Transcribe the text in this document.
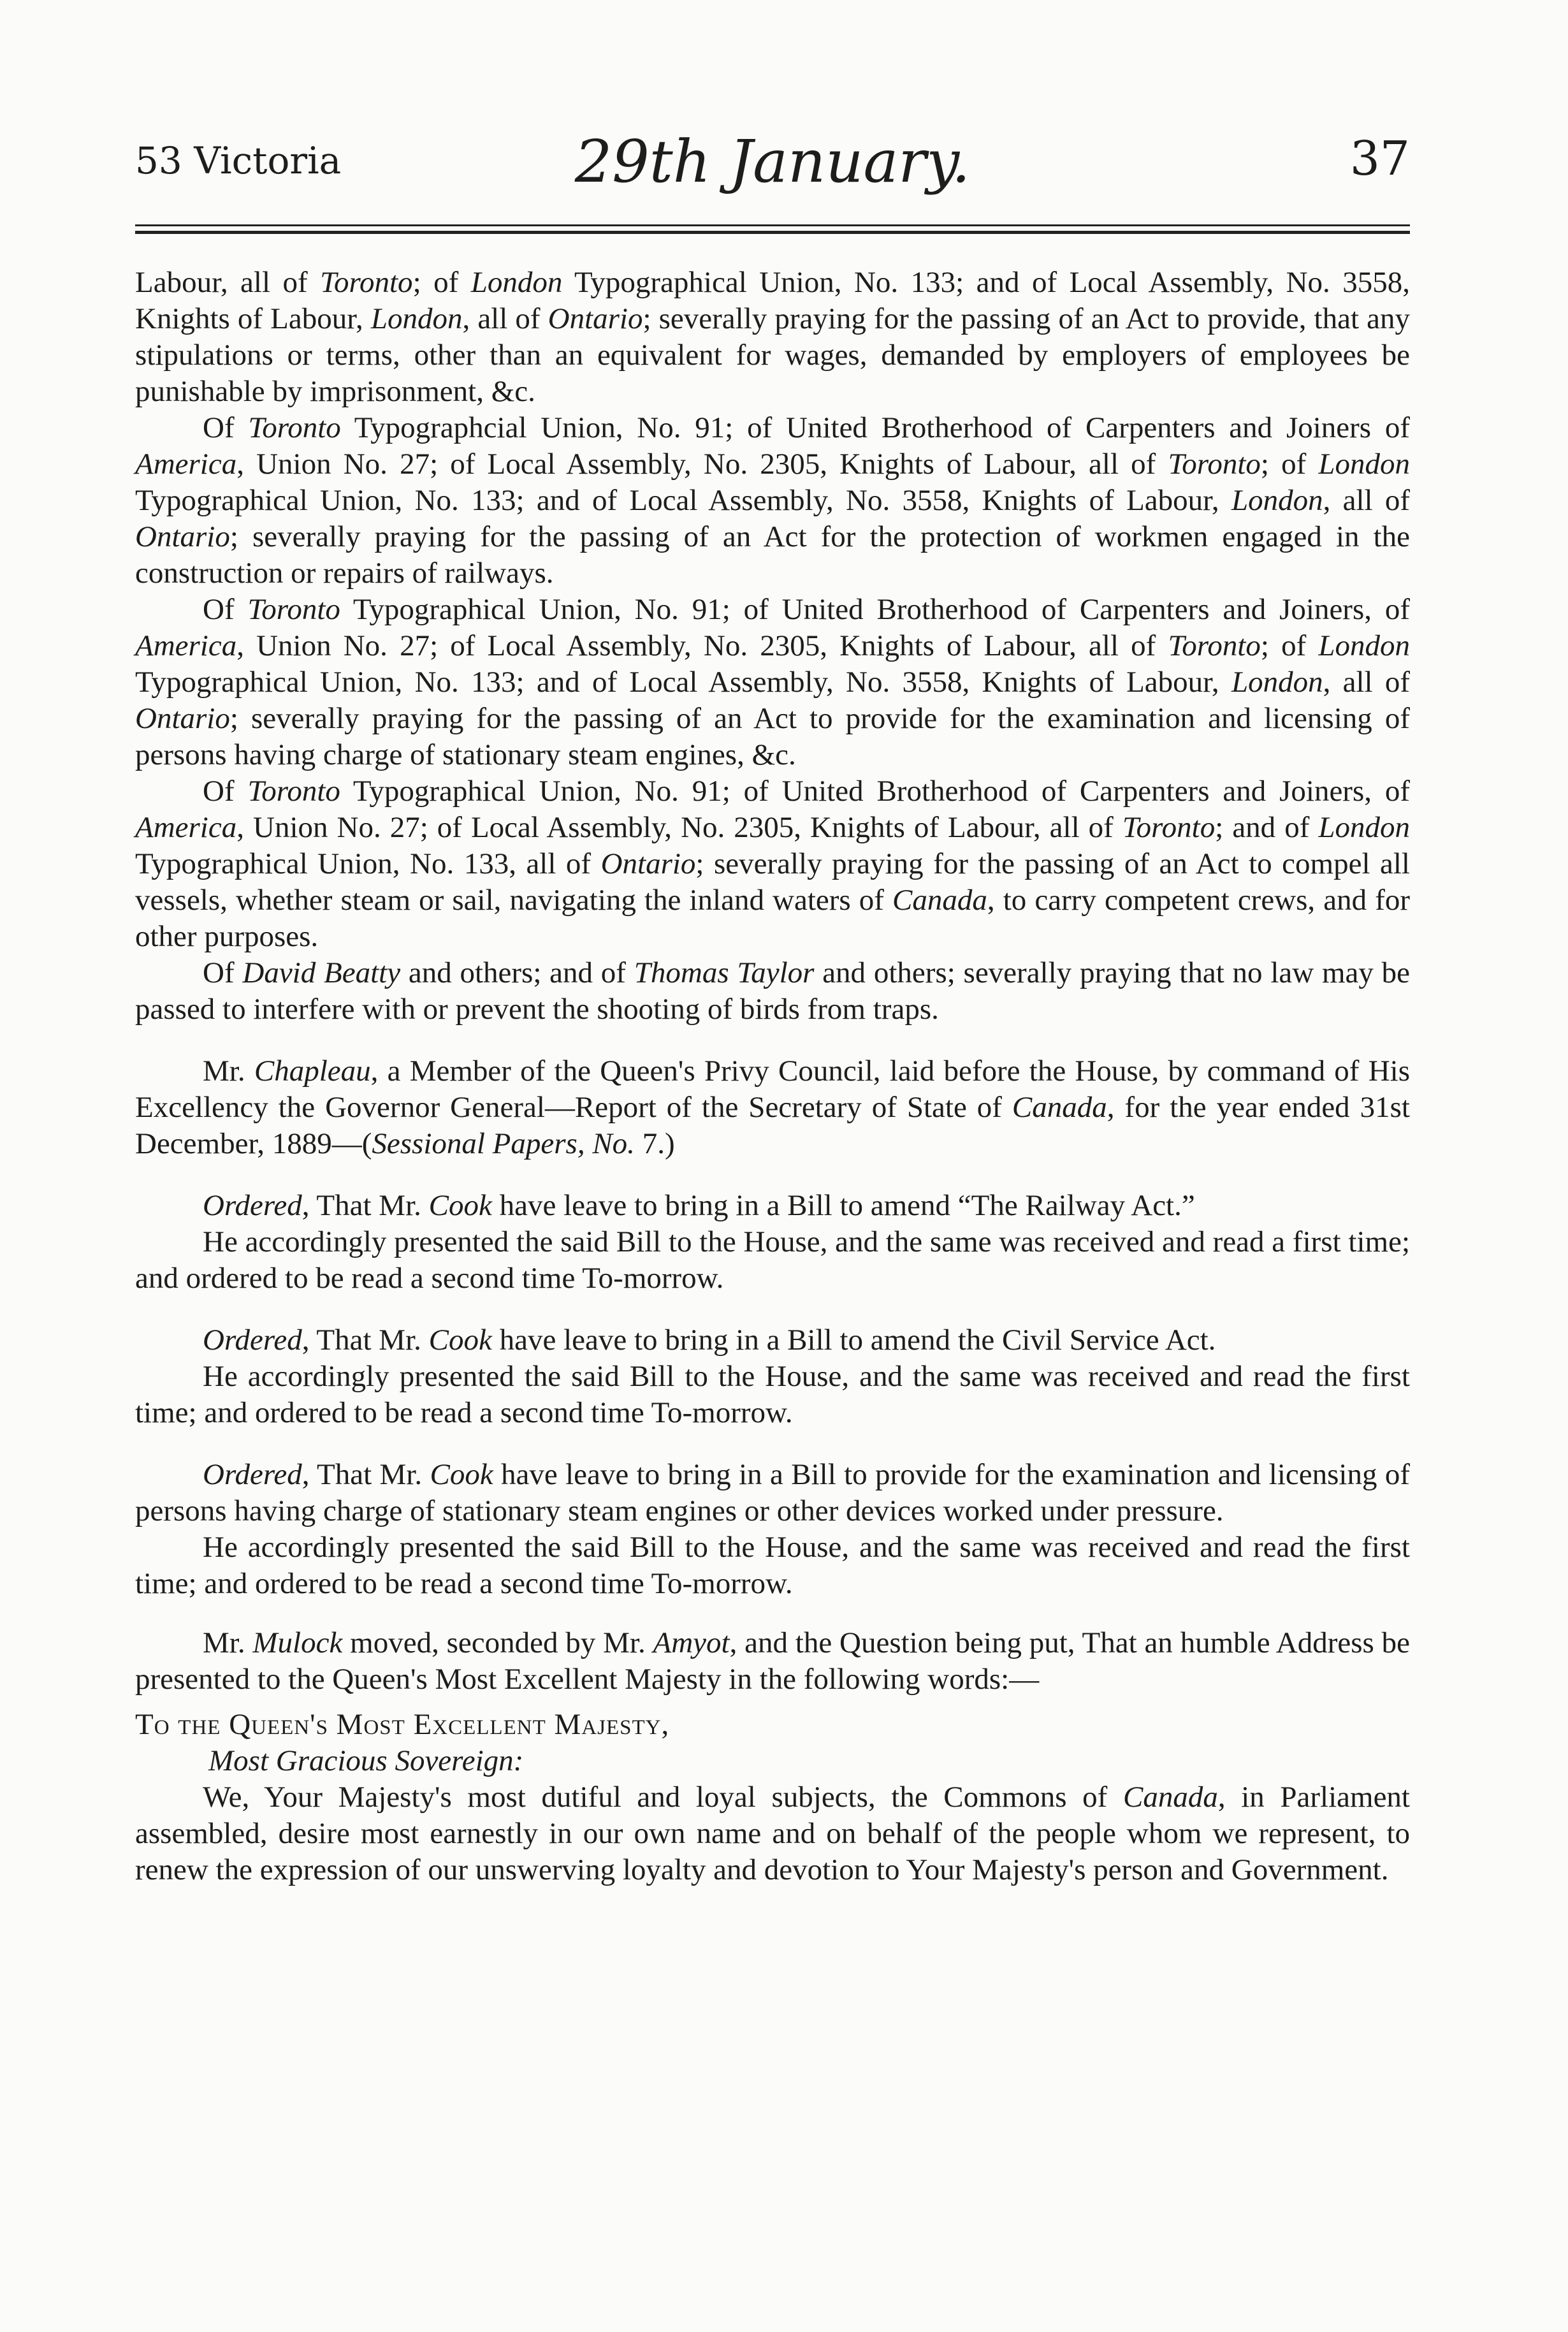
53 Victoria	29th January.	37

Labour, all of Toronto; of London Typographical Union, No. 133; and of Local Assembly, No. 3558, Knights of Labour, London, all of Ontario; severally praying for the passing of an Act to provide, that any stipulations or terms, other than an equivalent for wages, demanded by employers of employees be punishable by imprisonment, &c.

Of Toronto Typographcial Union, No. 91; of United Brotherhood of Carpenters and Joiners of America, Union No. 27; of Local Assembly, No. 2305, Knights of Labour, all of Toronto; of London Typographical Union, No. 133; and of Local Assembly, No. 3558, Knights of Labour, London, all of Ontario; severally praying for the passing of an Act for the protection of workmen engaged in the construction or repairs of railways.

Of Toronto Typographical Union, No. 91; of United Brotherhood of Carpenters and Joiners, of America, Union No. 27; of Local Assembly, No. 2305, Knights of Labour, all of Toronto; of London Typographical Union, No. 133; and of Local Assembly, No. 3558, Knights of Labour, London, all of Ontario; severally praying for the passing of an Act to provide for the examination and licensing of persons having charge of stationary steam engines, &c.

Of Toronto Typographical Union, No. 91; of United Brotherhood of Carpenters and Joiners, of America, Union No. 27; of Local Assembly, No. 2305, Knights of Labour, all of Toronto; and of London Typographical Union, No. 133, all of Ontario; severally praying for the passing of an Act to compel all vessels, whether steam or sail, navigating the inland waters of Canada, to carry competent crews, and for other purposes.

Of David Beatty and others; and of Thomas Taylor and others; severally praying that no law may be passed to interfere with or prevent the shooting of birds from traps.

Mr. Chapleau, a Member of the Queen's Privy Council, laid before the House, by command of His Excellency the Governor General—Report of the Secretary of State of Canada, for the year ended 31st December, 1889—(Sessional Papers, No. 7.)

Ordered, That Mr. Cook have leave to bring in a Bill to amend “The Railway Act.”

He accordingly presented the said Bill to the House, and the same was received and read a first time; and ordered to be read a second time To-morrow.

Ordered, That Mr. Cook have leave to bring in a Bill to amend the Civil Service Act.

He accordingly presented the said Bill to the House, and the same was received and read the first time; and ordered to be read a second time To-morrow.

Ordered, That Mr. Cook have leave to bring in a Bill to provide for the examination and licensing of persons having charge of stationary steam engines or other devices worked under pressure.

He accordingly presented the said Bill to the House, and the same was received and read the first time; and ordered to be read a second time To-morrow.

Mr. Mulock moved, seconded by Mr. Amyot, and the Question being put, That an humble Address be presented to the Queen's Most Excellent Majesty in the following words:—

To the Queen's Most Excellent Majesty,

Most Gracious Sovereign:

We, Your Majesty's most dutiful and loyal subjects, the Commons of Canada, in Parliament assembled, desire most earnestly in our own name and on behalf of the people whom we represent, to renew the expression of our unswerving loyalty and devotion to Your Majesty's person and Government.
